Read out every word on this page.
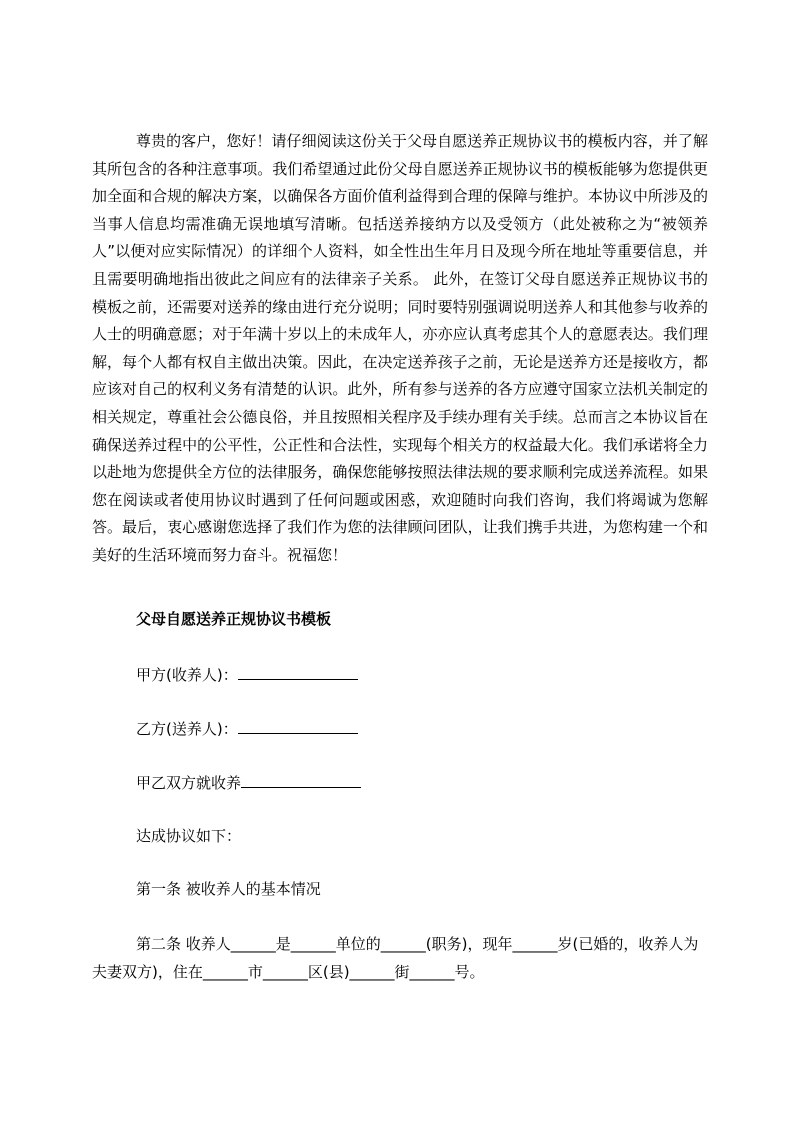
尊贵的客户，您好！请仔细阅读这份关于父母自愿送养正规协议书的模板内容，并了解其所包含的各种注意事项。我们希望通过此份父母自愿送养正规协议书的模板能够为您提供更加全面和合规的解决方案，以确保各方面价值利益得到合理的保障与维护。本协议中所涉及的当事人信息均需准确无误地填写清晰。包括送养接纳方以及受领方（此处被称之为“被领养人”以便对应实际情况）的详细个人资料，如全性出生年月日及现今所在地址等重要信息，并且需要明确地指出彼此之间应有的法律亲子关系。 此外，在签订父母自愿送养正规协议书的模板之前，还需要对送养的缘由进行充分说明；同时要特别强调说明送养人和其他参与收养的人士的明确意愿；对于年满十岁以上的未成年人，亦亦应认真考虑其个人的意愿表达。我们理解，每个人都有权自主做出决策。因此，在决定送养孩子之前，无论是送养方还是接收方，都应该对自己的权利义务有清楚的认识。此外，所有参与送养的各方应遵守国家立法机关制定的相关规定，尊重社会公德良俗，并且按照相关程序及手续办理有关手续。总而言之本协议旨在确保送养过程中的公平性，公正性和合法性，实现每个相关方的权益最大化。我们承诺将全力以赴地为您提供全方位的法律服务，确保您能够按照法律法规的要求顺利完成送养流程。如果您在阅读或者使用协议时遇到了任何问题或困惑，欢迎随时向我们咨询，我们将竭诚为您解答。最后，衷心感谢您选择了我们作为您的法律顾问团队，让我们携手共进，为您构建一个和美好的生活环境而努力奋斗。祝福您！

父母自愿送养正规协议书模板

甲方(收养人)：

乙方(送养人)：

甲乙双方就收养

达成协议如下：

第一条 被收养人的基本情况

第二条 收养人______是______单位的______(职务)，现年______岁(已婚的，收养人为夫妻双方)，住在______市______区(县)______街______号。
